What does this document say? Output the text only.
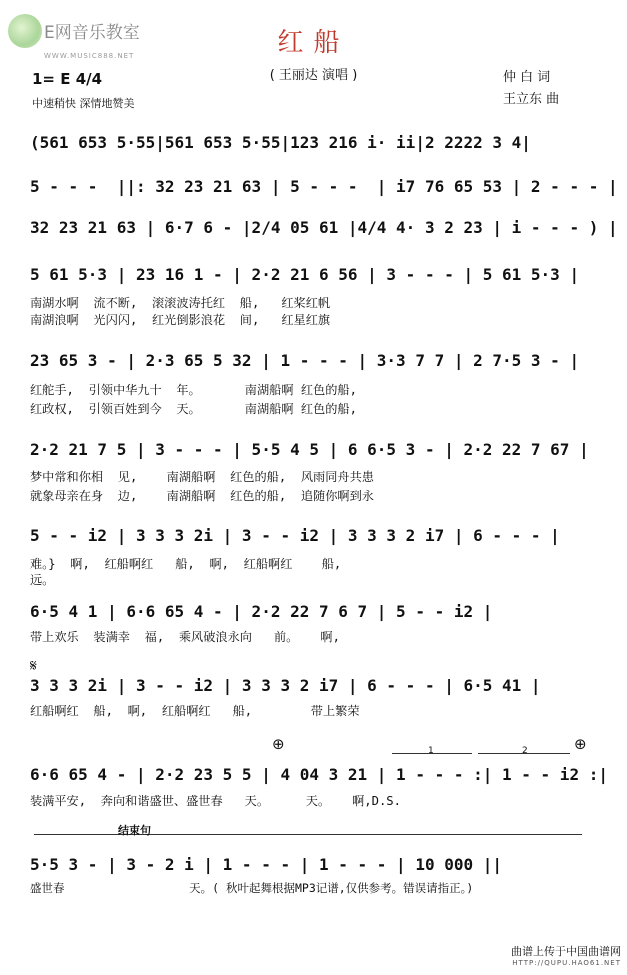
E网音乐教室
WWW.MUSIC888.NET	红船
( 王丽达 演唱 )	仲 白 词
王立东 曲
1= E 4/4
中速稍快 深情地赞美
(561 653 5·55|561 653 5·55|123 216 i· ii|2 2222 3 4|
5 - - -  ||: 32 23 21 63 | 5 - - -  | i7 76 65 53 | 2 - - - |
32 23 21 63 | 6·7 6 - |2/4 05 61 |4/4 4· 3 2 23 | i - - - ) |
5 61 5·3 | 23 16 1 - | 2·2 21 6 56 | 3 - - - | 5 61 5·3 |
南湖水啊  流不断,  滚滚波涛托红  船,   红桨红帆
南湖浪啊  光闪闪,  红光倒影浪花  间,   红星红旗
23 65 3 - | 2·3 65 5 32 | 1 - - - | 3·3 7 7 | 2 7·5 3 - |
红舵手,  引领中华九十  年。      南湖船啊 红色的船,
红政权,  引领百姓到今  天。      南湖船啊 红色的船,
2·2 21 7 5 | 3 - - - | 5·5 4 5 | 6 6·5 3 - | 2·2 22 7 67 |
梦中常和你相  见,    南湖船啊  红色的船,  风雨同舟共患
就象母亲在身  边,    南湖船啊  红色的船,  追随你啊到永
5 - - i2 | 3 3 3 2i | 3 - - i2 | 3 3 3 2 i7 | 6 - - - |
难。}  啊,  红船啊红   船,  啊,  红船啊红    船,
远。
6·5 4 1 | 6·6 65 4 - | 2·2 22 7 6 7 | 5 - - i2 |
带上欢乐  装满幸  福,  乘风破浪永向   前。   啊,
𝄋
3 3 3 2i | 3 - - i2 | 3 3 3 2 i7 | 6 - - - | 6·5 41 |
红船啊红  船,  啊,  红船啊红   船,        带上繁荣
⊕	⊕
1	2
6·6 65 4 - | 2·2 23 5 5 | 4 04 3 21 | 1 - - - :| 1 - - i2 :|
装满平安,  奔向和谐盛世、盛世春   天。     天。   啊,D.S.
结束句
5·5 3 - | 3 - 2 i | 1 - - - | 1 - - - | 10 000 ||
盛世春                  天。( 秋叶起舞根据MP3记谱,仅供参考。错误请指正。)
曲谱上传于中国曲谱网
HTTP://QUPU.HAO61.NET
